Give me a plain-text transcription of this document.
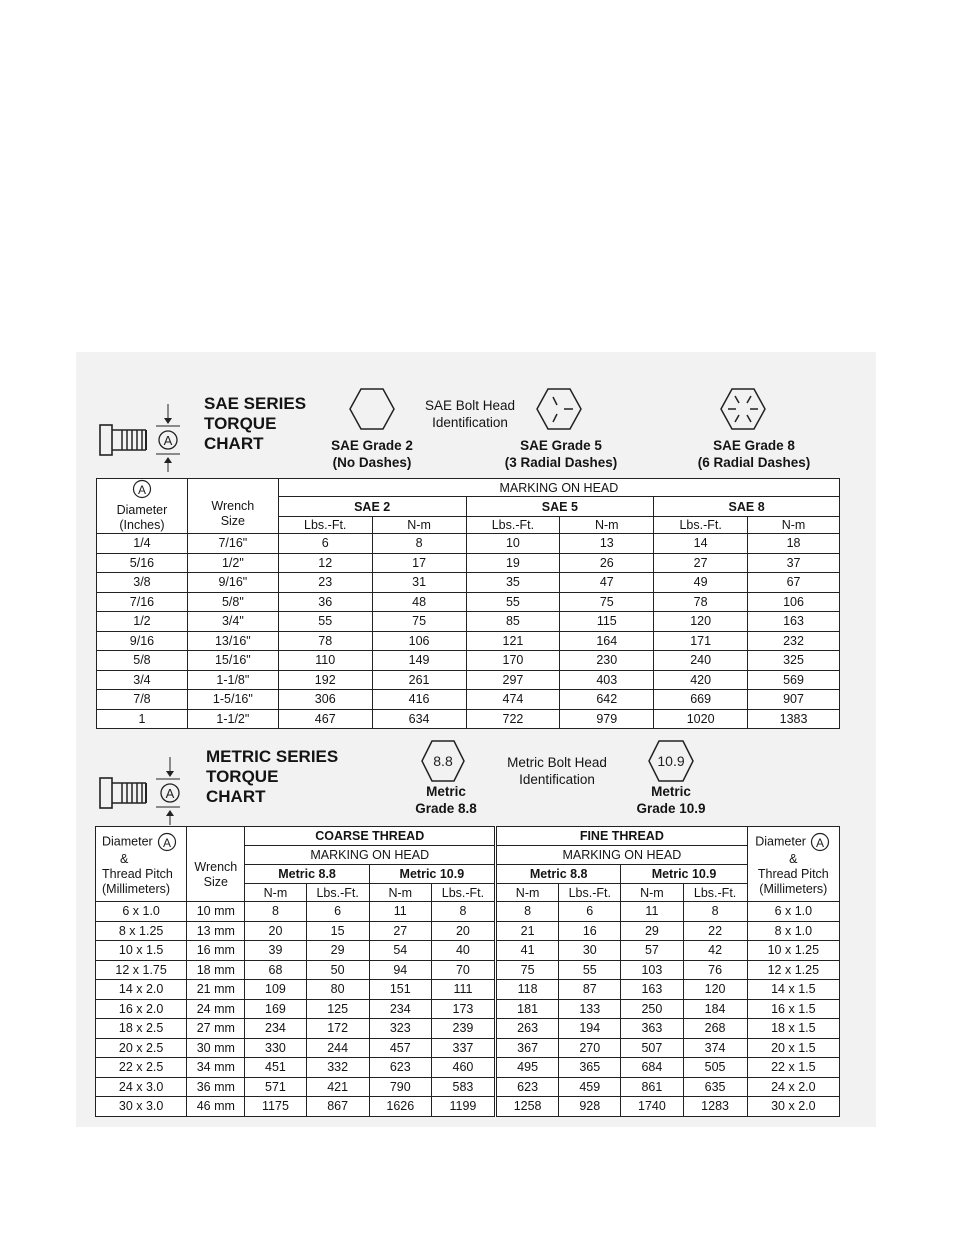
A
SAE SERIES
TORQUE
CHART
SAE Bolt Head
Identification
SAE Grade 2
(No Dashes)
SAE Grade 5
(3 Radial Dashes)
SAE Grade 8
(6 Radial Dashes)
A

Diameter
(Inches)	Wrench
Size	MARKING ON HEAD					
		SAE 2		SAE 5		SAE 8	
		Lbs.-Ft.	N-m	Lbs.-Ft.	N-m	Lbs.-Ft.	N-m
1/4	7/16"	6	8	10	13	14	18
5/16	1/2"	12	17	19	26	27	37
3/8	9/16"	23	31	35	47	49	67
7/16	5/8"	36	48	55	75	78	106
1/2	3/4"	55	75	85	115	120	163
9/16	13/16"	78	106	121	164	171	232
5/8	15/16"	110	149	170	230	240	325
3/4	1-1/8"	192	261	297	403	420	569
7/8	1-5/16"	306	416	474	642	669	907
1	1-1/2"	467	634	722	979	1020	1383
A
METRIC SERIES
TORQUE
CHART
8.8	Metric Bolt Head
Identification
10.9
Metric
Grade 8.8
Metric
Grade 10.9
Diameter A

&
Thread Pitch
(Millimeters)	Wrench
Size	COARSE THREAD				FINE THREAD				Diameter A

&
Thread Pitch
(Millimeters)
		MARKING ON HEAD				MARKING ON HEAD				
		Metric 8.8		Metric 10.9		Metric 8.8		Metric 10.9		
		N-m	Lbs.-Ft.	N-m	Lbs.-Ft.	N-m	Lbs.-Ft.	N-m	Lbs.-Ft.	
6 x 1.0	10 mm	8	6	11	8	8	6	11	8	6 x 1.0
8 x 1.25	13 mm	20	15	27	20	21	16	29	22	8 x 1.0
10 x 1.5	16 mm	39	29	54	40	41	30	57	42	10 x 1.25
12 x 1.75	18 mm	68	50	94	70	75	55	103	76	12 x 1.25
14 x 2.0	21 mm	109	80	151	111	118	87	163	120	14 x 1.5
16 x 2.0	24 mm	169	125	234	173	181	133	250	184	16 x 1.5
18 x 2.5	27 mm	234	172	323	239	263	194	363	268	18 x 1.5
20 x 2.5	30 mm	330	244	457	337	367	270	507	374	20 x 1.5
22 x 2.5	34 mm	451	332	623	460	495	365	684	505	22 x 1.5
24 x 3.0	36 mm	571	421	790	583	623	459	861	635	24 x 2.0
30 x 3.0	46 mm	1175	867	1626	1199	1258	928	1740	1283	30 x 2.0
